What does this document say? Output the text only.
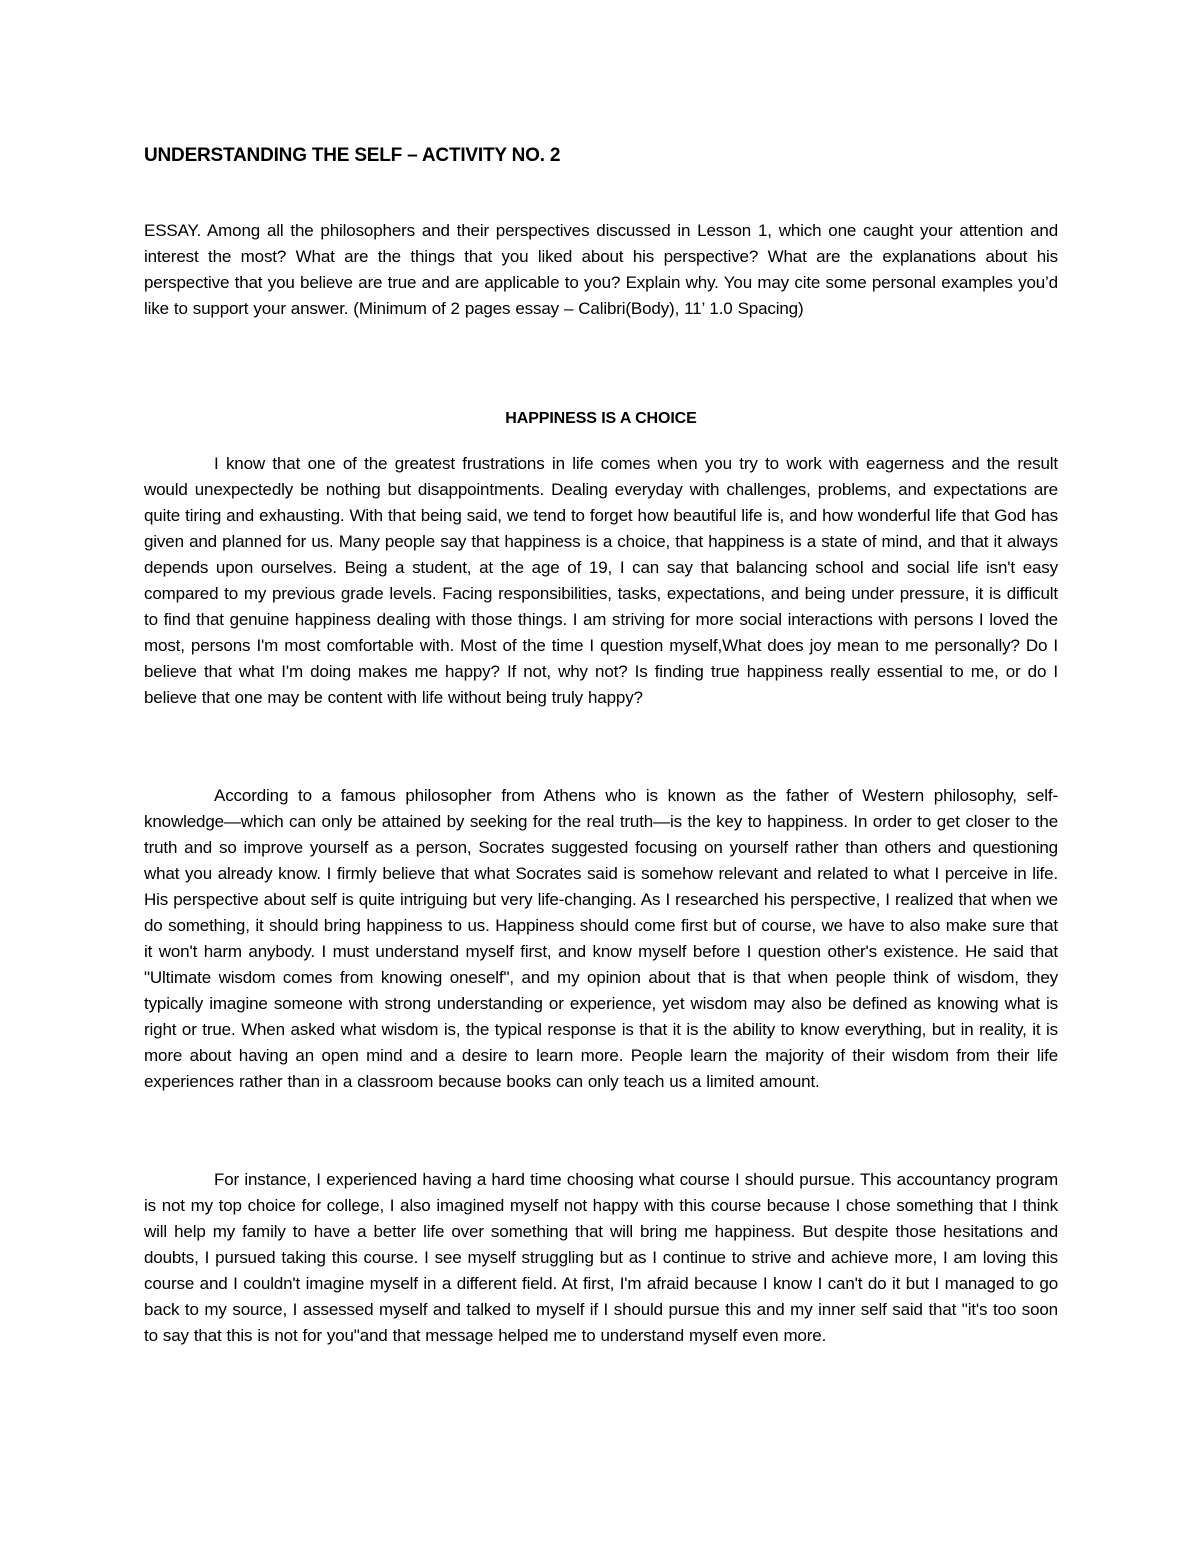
UNDERSTANDING THE SELF – ACTIVITY NO. 2

ESSAY. Among all the philosophers and their perspectives discussed in Lesson 1, which one caught your attention and interest the most? What are the things that you liked about his perspective? What are the explanations about his perspective that you believe are true and are applicable to you? Explain why. You may cite some personal examples you’d like to support your answer. (Minimum of 2 pages essay – Calibri(Body), 11’ 1.0 Spacing)

HAPPINESS IS A CHOICE

I know that one of the greatest frustrations in life comes when you try to work with eagerness and the result would unexpectedly be nothing but disappointments. Dealing everyday with challenges, problems, and expectations are quite tiring and exhausting. With that being said, we tend to forget how beautiful life is, and how wonderful life that God has given and planned for us. Many people say that happiness is a choice, that happiness is a state of mind, and that it always depends upon ourselves. Being a student, at the age of 19, I can say that balancing school and social life isn't easy compared to my previous grade levels. Facing responsibilities, tasks, expectations, and being under pressure, it is difficult to find that genuine happiness dealing with those things. I am striving for more social interactions with persons I loved the most, persons I'm most comfortable with. Most of the time I question myself,What does joy mean to me personally? Do I believe that what I'm doing makes me happy? If not, why not? Is finding true happiness really essential to me, or do I believe that one may be content with life without being truly happy?

According to a famous philosopher from Athens who is known as the father of Western philosophy, self-knowledge—which can only be attained by seeking for the real truth—is the key to happiness. In order to get closer to the truth and so improve yourself as a person, Socrates suggested focusing on yourself rather than others and questioning what you already know. I firmly believe that what Socrates said is somehow relevant and related to what I perceive in life. His perspective about self is quite intriguing but very life-changing. As I researched his perspective, I realized that when we do something, it should bring happiness to us. Happiness should come first but of course, we have to also make sure that it won't harm anybody. I must understand myself first, and know myself before I question other's existence. He said that "Ultimate wisdom comes from knowing oneself", and my opinion about that is that when people think of wisdom, they typically imagine someone with strong understanding or experience, yet wisdom may also be defined as knowing what is right or true. When asked what wisdom is, the typical response is that it is the ability to know everything, but in reality, it is more about having an open mind and a desire to learn more. People learn the majority of their wisdom from their life experiences rather than in a classroom because books can only teach us a limited amount.

For instance, I experienced having a hard time choosing what course I should pursue. This accountancy program is not my top choice for college, I also imagined myself not happy with this course because I chose something that I think will help my family to have a better life over something that will bring me happiness. But despite those hesitations and doubts, I pursued taking this course. I see myself struggling but as I continue to strive and achieve more, I am loving this course and I couldn't imagine myself in a different field. At first, I'm afraid because I know I can't do it but I managed to go back to my source, I assessed myself and talked to myself if I should pursue this and my inner self said that "it's too soon to say that this is not for you"and that message helped me to understand myself even more.
